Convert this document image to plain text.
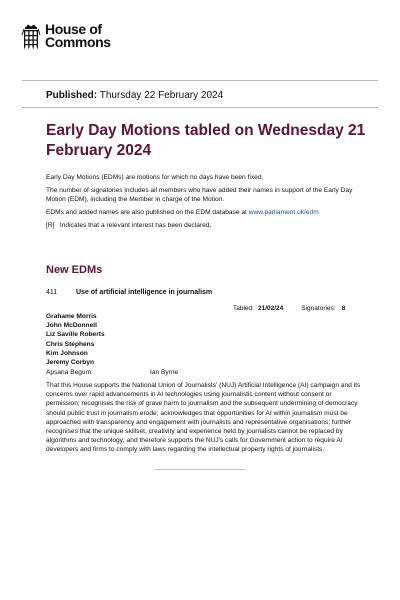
House of
Commons
Published: Thursday 22 February 2024
Early Day Motions tabled on Wednesday 21 February 2024

Early Day Motions (EDMs) are motions for which no days have been fixed.

The number of signatories includes all members who have added their names in support of the Early Day Motion (EDM), including the Member in charge of the Motion.

EDMs and added names are also published on the EDM database at www.parliament.uk/edm

[R]   Indicates that a relevant interest has been declared.

New EDMs
411	Use of artificial intelligence in journalism
Tabled: 21/02/24	Signatories: 8
Grahame Morris
John McDonnell
Liz Saville Roberts
Chris Stephens
Kim Johnson
Jeremy Corbyn
Apsana Begum	Ian Byrne

That this House supports the National Union of Journalists' (NUJ) Artificial Intelligence (AI) campaign and its concerns over rapid advancements in AI technologies using journalistic content without consent or permission; recognises the risk of grave harm to journalism and the subsequent undermining of democracy should public trust in journalism erode; acknowledges that opportunities for AI within journalism must be approached with transparency and engagement with journalists and representative organisations; further recognises that the unique skillset, creativity and experience held by journalists cannot be replaced by algorithms and technology; and therefore supports the NUJ's calls for Government action to require AI developers and firms to comply with laws regarding the intellectual property rights of journalists.
